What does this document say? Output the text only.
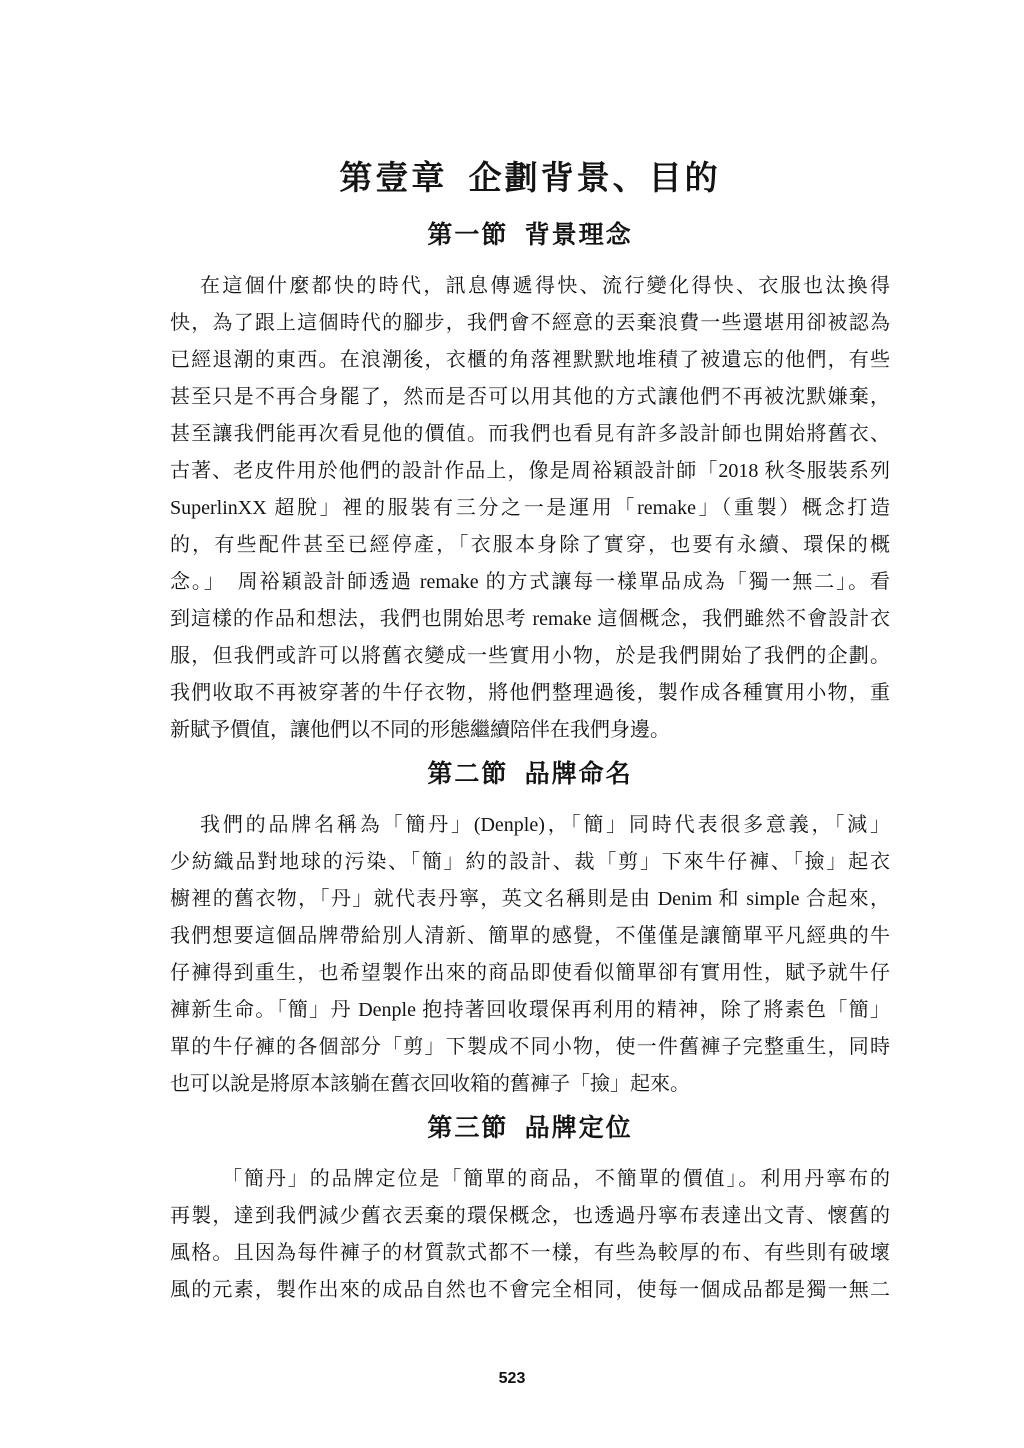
第壹章 企劃背景、目的
第一節 背景理念

在這個什麼都快的時代，訊息傳遞得快、流行變化得快、衣服也汰換得

快，為了跟上這個時代的腳步，我們會不經意的丟棄浪費一些還堪用卻被認為

已經退潮的東西。在浪潮後，衣櫃的角落裡默默地堆積了被遺忘的他們，有些

甚至只是不再合身罷了，然而是否可以用其他的方式讓他們不再被沈默嫌棄，

甚至讓我們能再次看見他的價值。而我們也看見有許多設計師也開始將舊衣、

古著、老皮件用於他們的設計作品上，像是周裕穎設計師「2018 秋冬服裝系列

SuperlinXX 超脫」裡的服裝有三分之一是運用「remake」（重製）概念打造

的，有些配件甚至已經停產，「衣服本身除了實穿，也要有永續、環保的概

念。」　周裕穎設計師透過 remake 的方式讓每一樣單品成為「獨一無二」。看

到這樣的作品和想法，我們也開始思考 remake 這個概念，我們雖然不會設計衣

服，但我們或許可以將舊衣變成一些實用小物，於是我們開始了我們的企劃。

我們收取不再被穿著的牛仔衣物，將他們整理過後，製作成各種實用小物，重

新賦予價值，讓他們以不同的形態繼續陪伴在我們身邊。

第二節 品牌命名

我們的品牌名稱為「簡丹」(Denple)，「簡」同時代表很多意義，「減」

少紡織品對地球的污染、「簡」約的設計、裁「剪」下來牛仔褲、「撿」起衣

櫥裡的舊衣物，「丹」就代表丹寧，英文名稱則是由 Denim 和 simple 合起來，

我們想要這個品牌帶給別人清新、簡單的感覺，不僅僅是讓簡單平凡經典的牛

仔褲得到重生，也希望製作出來的商品即使看似簡單卻有實用性，賦予就牛仔

褲新生命。「簡」丹 Denple 抱持著回收環保再利用的精神，除了將素色「簡」

單的牛仔褲的各個部分「剪」下製成不同小物，使一件舊褲子完整重生，同時

也可以說是將原本該躺在舊衣回收箱的舊褲子「撿」起來。

第三節 品牌定位

「簡丹」的品牌定位是「簡單的商品，不簡單的價值」。利用丹寧布的

再製，達到我們減少舊衣丟棄的環保概念，也透過丹寧布表達出文青、懷舊的

風格。且因為每件褲子的材質款式都不一樣，有些為較厚的布、有些則有破壞

風的元素，製作出來的成品自然也不會完全相同，使每一個成品都是獨一無二

523
